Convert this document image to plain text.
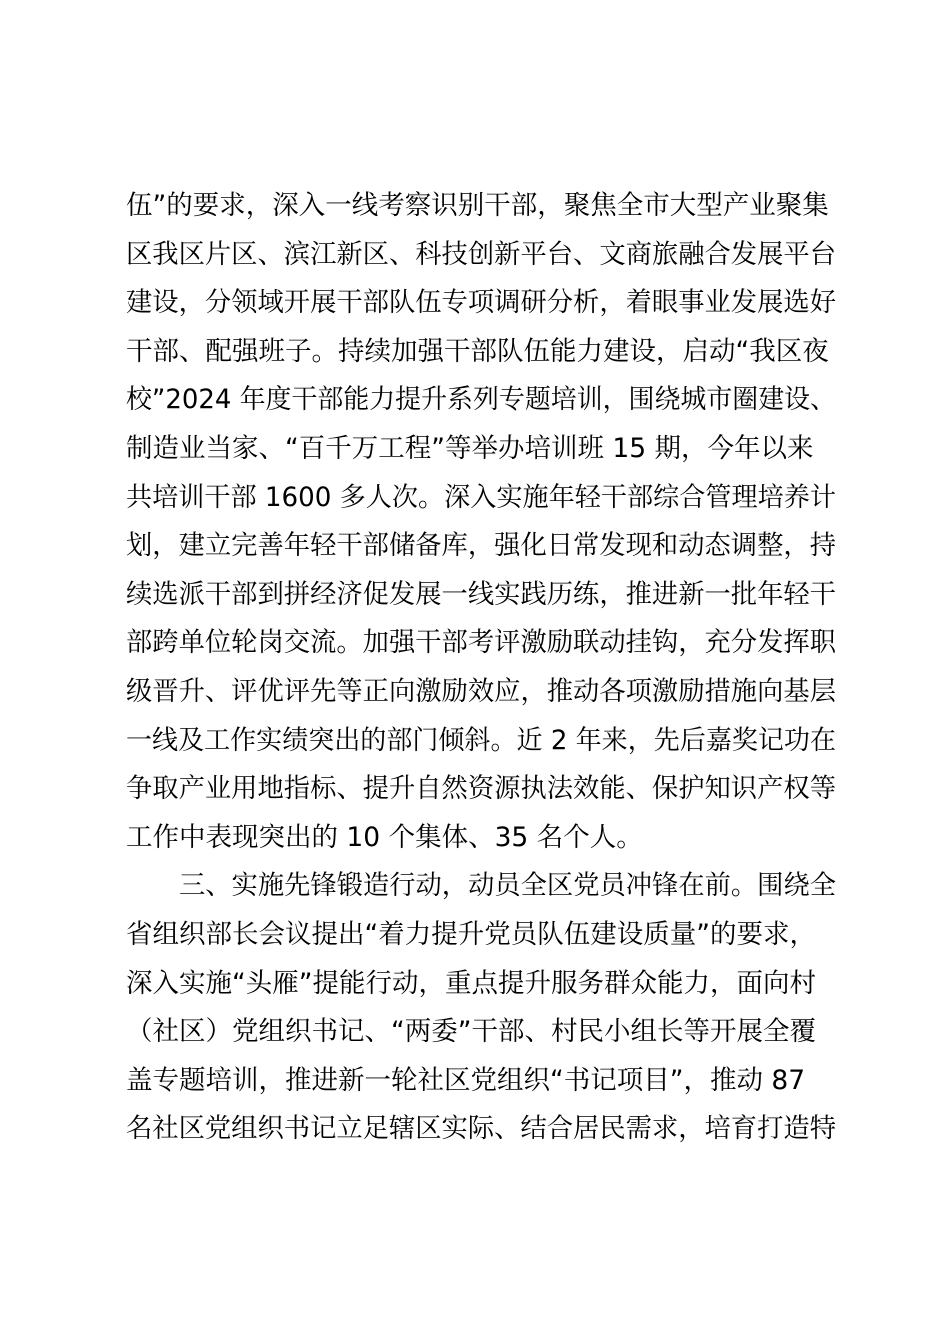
伍”的要求，深入一线考察识别干部，聚焦全市大型产业聚集
区我区片区、滨江新区、科技创新平台、文商旅融合发展平台
建设，分领域开展干部队伍专项调研分析，着眼事业发展选好
干部、配强班子。持续加强干部队伍能力建设，启动“我区夜
校”2024 年度干部能力提升系列专题培训，围绕城市圈建设、
制造业当家、“百千万工程”等举办培训班 15 期，今年以来
共培训干部 1600 多人次。深入实施年轻干部综合管理培养计
划，建立完善年轻干部储备库，强化日常发现和动态调整，持
续选派干部到拼经济促发展一线实践历练，推进新一批年轻干
部跨单位轮岗交流。加强干部考评激励联动挂钩，充分发挥职
级晋升、评优评先等正向激励效应，推动各项激励措施向基层
一线及工作实绩突出的部门倾斜。近 2 年来，先后嘉奖记功在
争取产业用地指标、提升自然资源执法效能、保护知识产权等
工作中表现突出的 10 个集体、35 名个人。
三、实施先锋锻造行动，动员全区党员冲锋在前。围绕全
省组织部长会议提出“着力提升党员队伍建设质量”的要求，
深入实施“头雁”提能行动，重点提升服务群众能力，面向村
（社区）党组织书记、“两委”干部、村民小组长等开展全覆
盖专题培训，推进新一轮社区党组织“书记项目”，推动 87
名社区党组织书记立足辖区实际、结合居民需求，培育打造特
